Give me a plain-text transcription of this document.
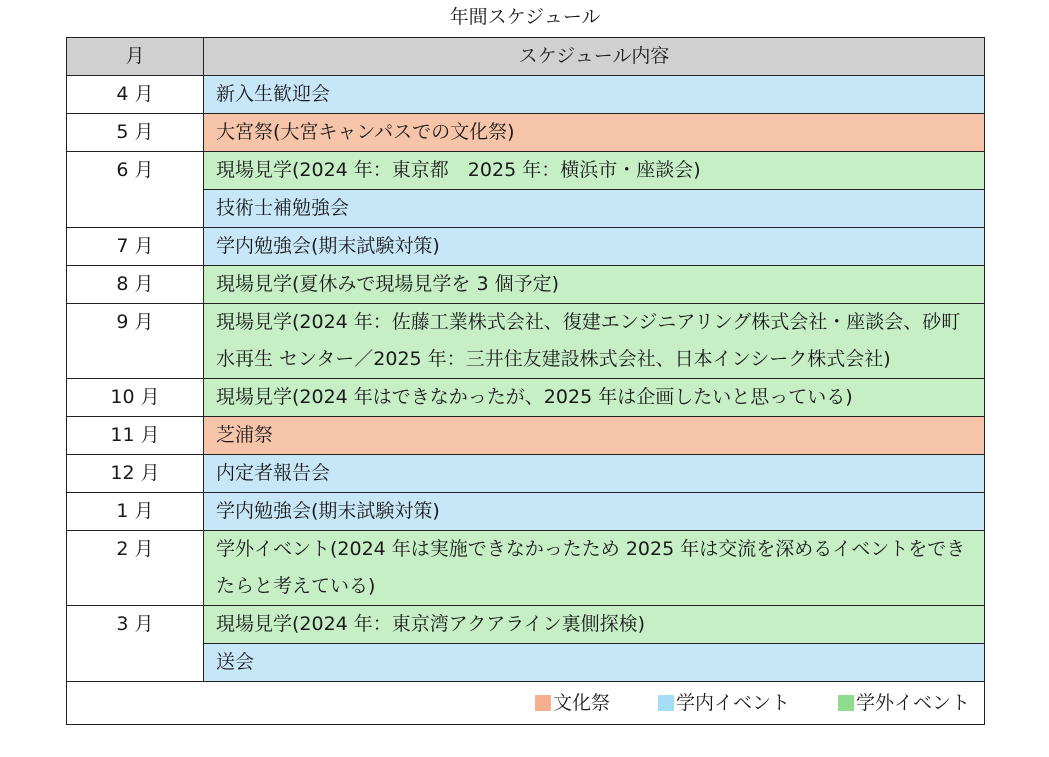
年間スケジュール
月	スケジュール内容
4 月	新入生歓迎会
5 月	大宮祭(大宮キャンパスでの文化祭)
6 月	現場見学(2024 年：東京都　2025 年：横浜市・座談会)
	技術士補勉強会
7 月	学内勉強会(期末試験対策)
8 月	現場見学(夏休みで現場見学を 3 個予定)
9 月	現場見学(2024 年：佐藤工業株式会社、復建エンジニアリング株式会社・座談会、砂町水再生 センター／2025 年：三井住友建設株式会社、日本インシーク株式会社)
10 月	現場見学(2024 年はできなかったが、2025 年は企画したいと思っている)
11 月	芝浦祭
12 月	内定者報告会
1 月	学内勉強会(期末試験対策)
2 月	学外イベント(2024 年は実施できなかったため 2025 年は交流を深めるイベントをできたらと考えている)
3 月	現場見学(2024 年：東京湾アクアライン裏側探検)
	送会

文化祭 学内イベント 学外イベント	
